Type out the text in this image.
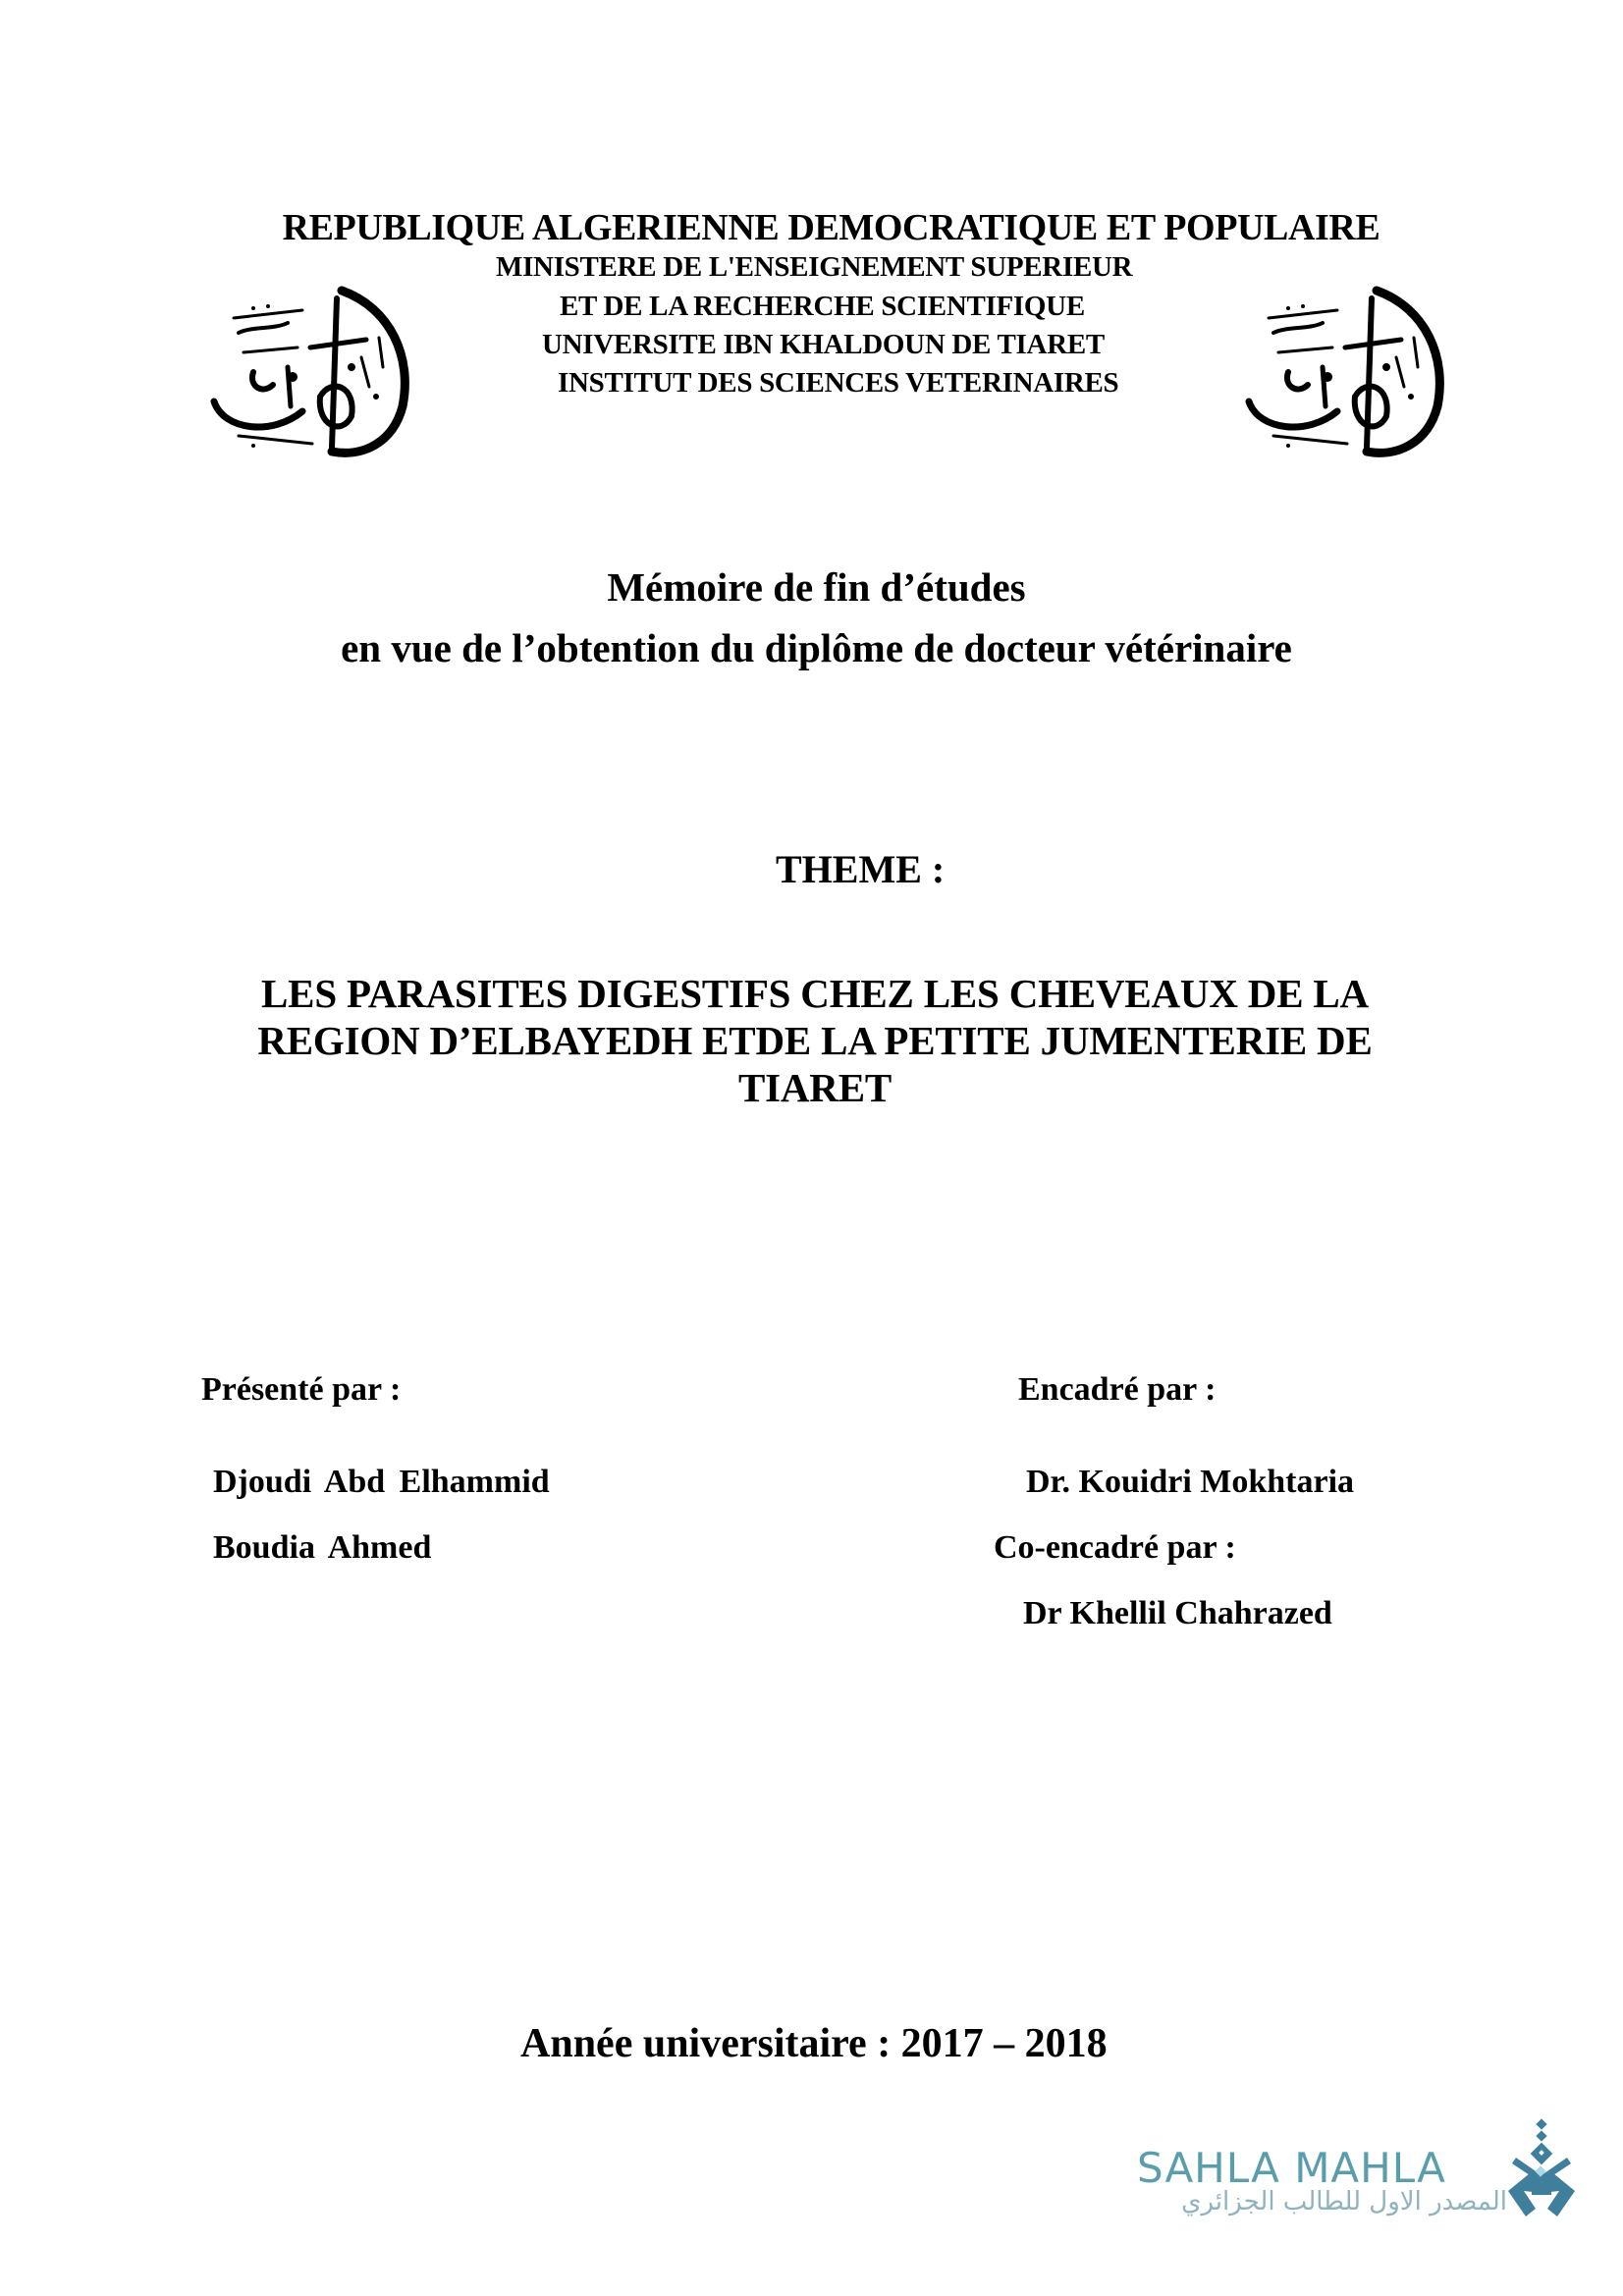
REPUBLIQUE ALGERIENNE DEMOCRATIQUE ET POPULAIRE
MINISTERE DE L'ENSEIGNEMENT SUPERIEUR
ET DE LA RECHERCHE SCIENTIFIQUE
UNIVERSITE IBN KHALDOUN DE TIARET
INSTITUT DES SCIENCES VETERINAIRES
Mémoire de fin d’études
en vue de l’obtention du diplôme de docteur vétérinaire
THEME :
LES PARASITES DIGESTIFS CHEZ LES CHEVEAUX DE LA REGION D’ELBAYEDH ETDE LA PETITE JUMENTERIE DE TIARET
Présenté par :
Djoudi Abd Elhammid
Boudia Ahmed
Encadré par :
Dr. Kouidri Mokhtaria
Co-encadré par :
Dr Khellil Chahrazed
Année universitaire : 2017 – 2018
SAHLA MAHLA
المصدر الاول للطالب الجزائري
